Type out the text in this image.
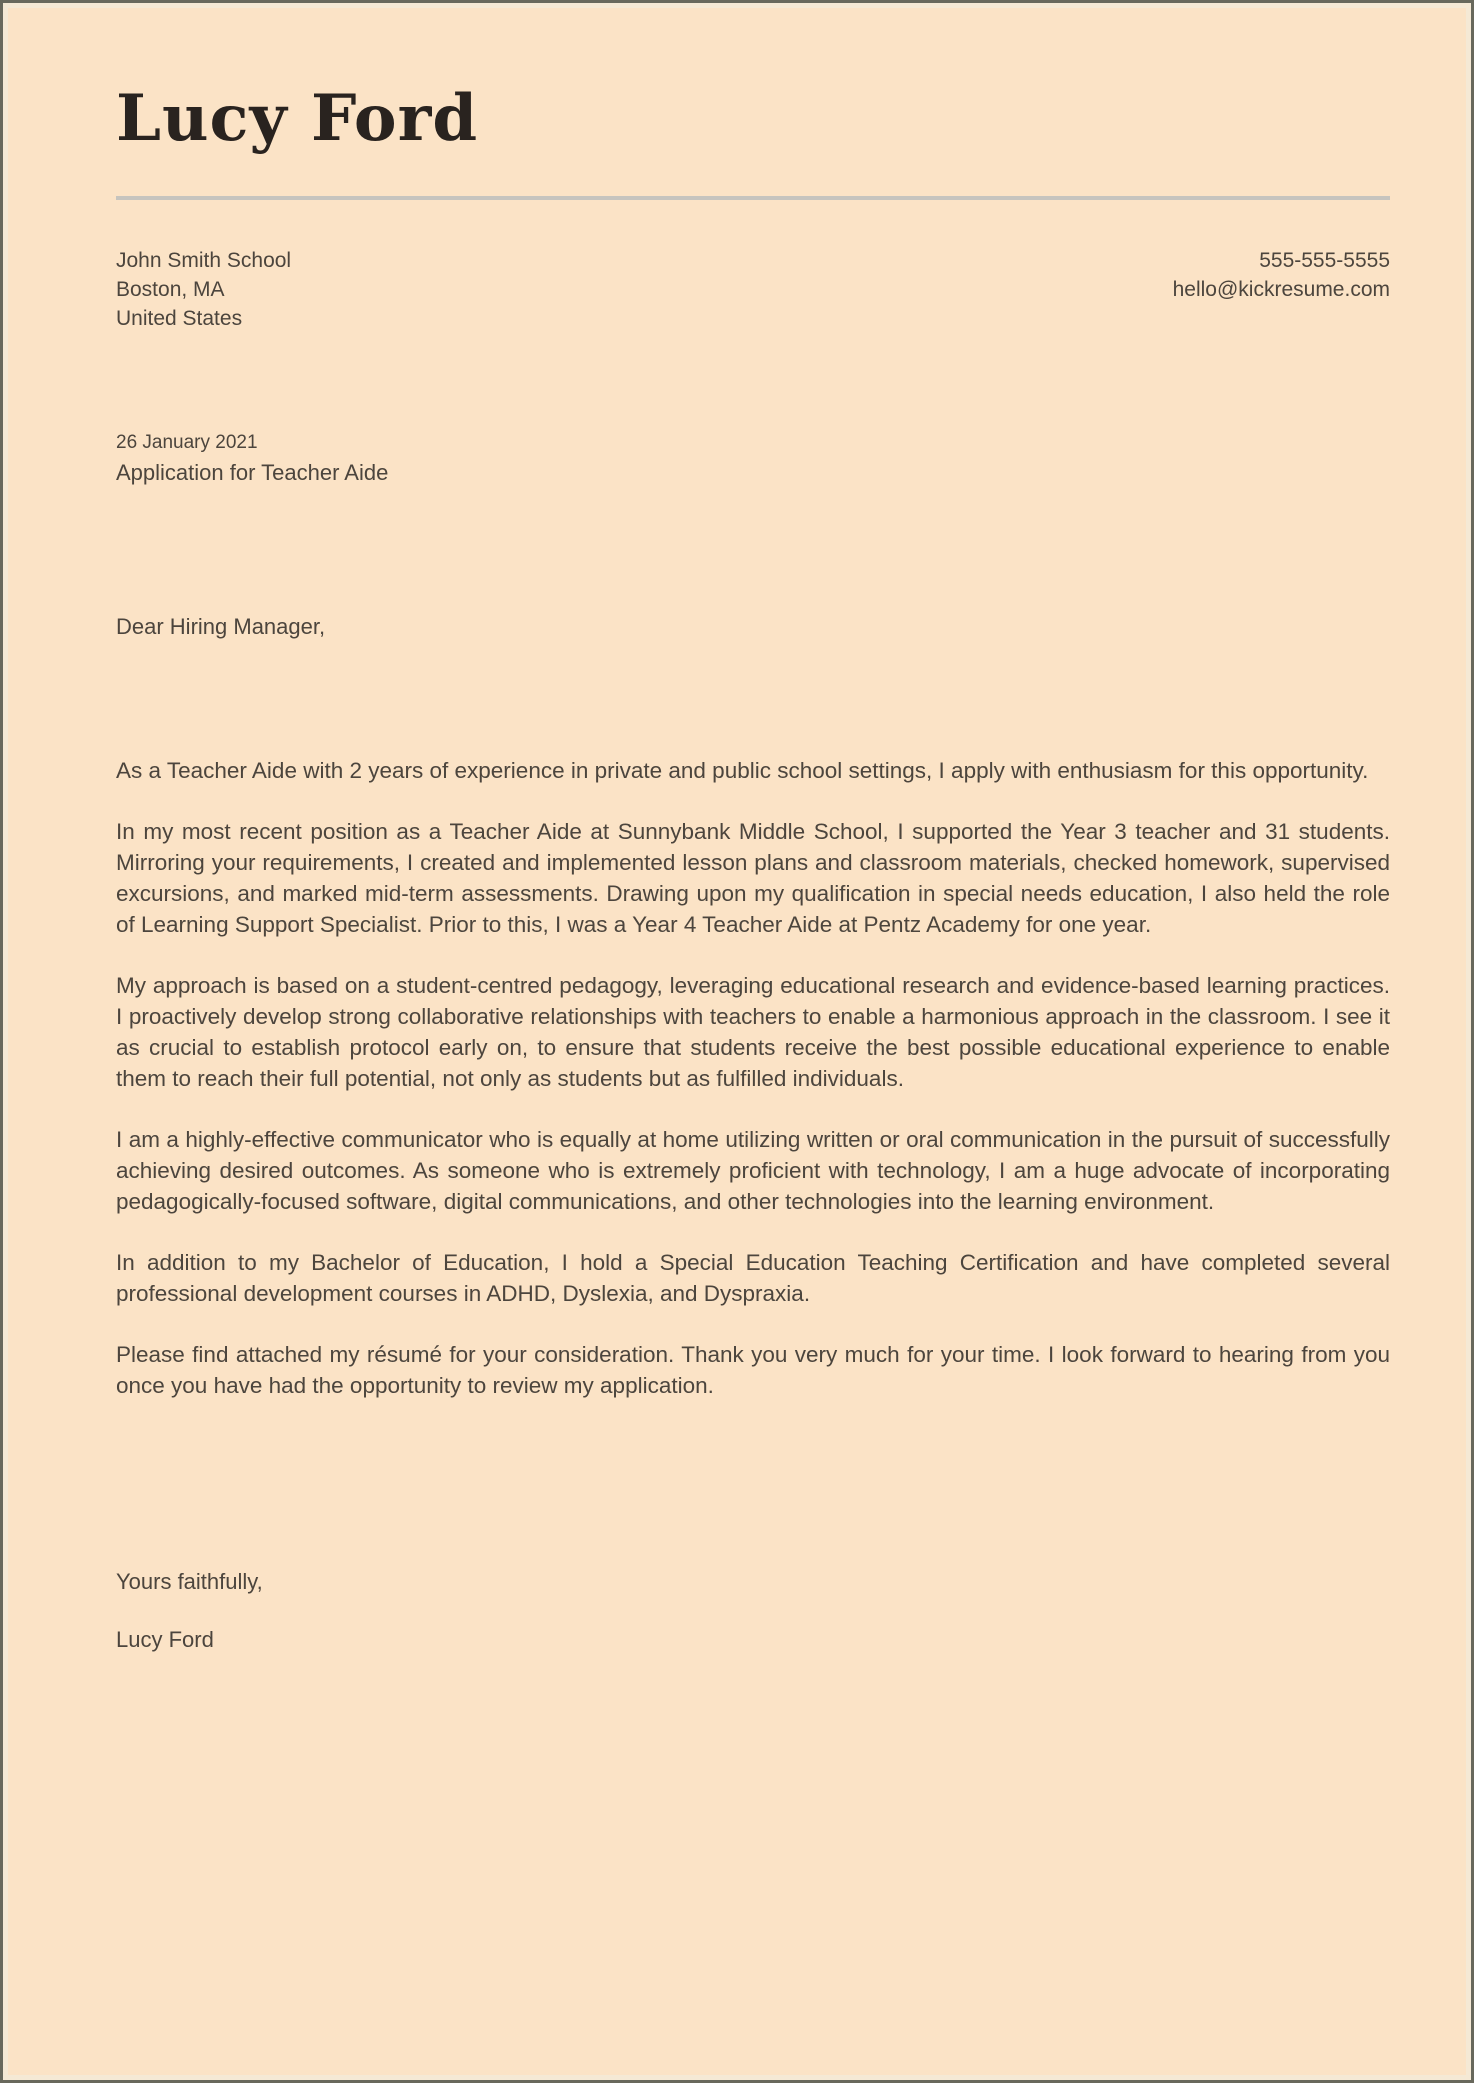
Lucy Ford
John Smith School
Boston, MA
United States
555-555-5555
hello@kickresume.com
26 January 2021
Application for Teacher Aide
Dear Hiring Manager,

As a Teacher Aide with 2 years of experience in private and public school settings, I apply with enthusiasm for this opportunity.

In my most recent position as a Teacher Aide at Sunnybank Middle School, I supported the Year 3 teacher and 31 students. Mirroring your requirements, I created and implemented lesson plans and classroom materials, checked homework, supervised excursions, and marked mid-term assessments. Drawing upon my qualification in special needs education, I also held the role of Learning Support Specialist. Prior to this, I was a Year 4 Teacher Aide at Pentz Academy for one year.

My approach is based on a student-centred pedagogy, leveraging educational research and evidence-based learning practices. I proactively develop strong collaborative relationships with teachers to enable a harmonious approach in the classroom. I see it as crucial to establish protocol early on, to ensure that students receive the best possible educational experience to enable them to reach their full potential, not only as students but as fulfilled individuals.

I am a highly-effective communicator who is equally at home utilizing written or oral communication in the pursuit of successfully achieving desired outcomes. As someone who is extremely proficient with technology, I am a huge advocate of incorporating pedagogically-focused software, digital communications, and other technologies into the learning environment.

In addition to my Bachelor of Education, I hold a Special Education Teaching Certification and have completed several professional development courses in ADHD, Dyslexia, and Dyspraxia.

Please find attached my résumé for your consideration. Thank you very much for your time. I look forward to hearing from you once you have had the opportunity to review my application.

Yours faithfully,
Lucy Ford
